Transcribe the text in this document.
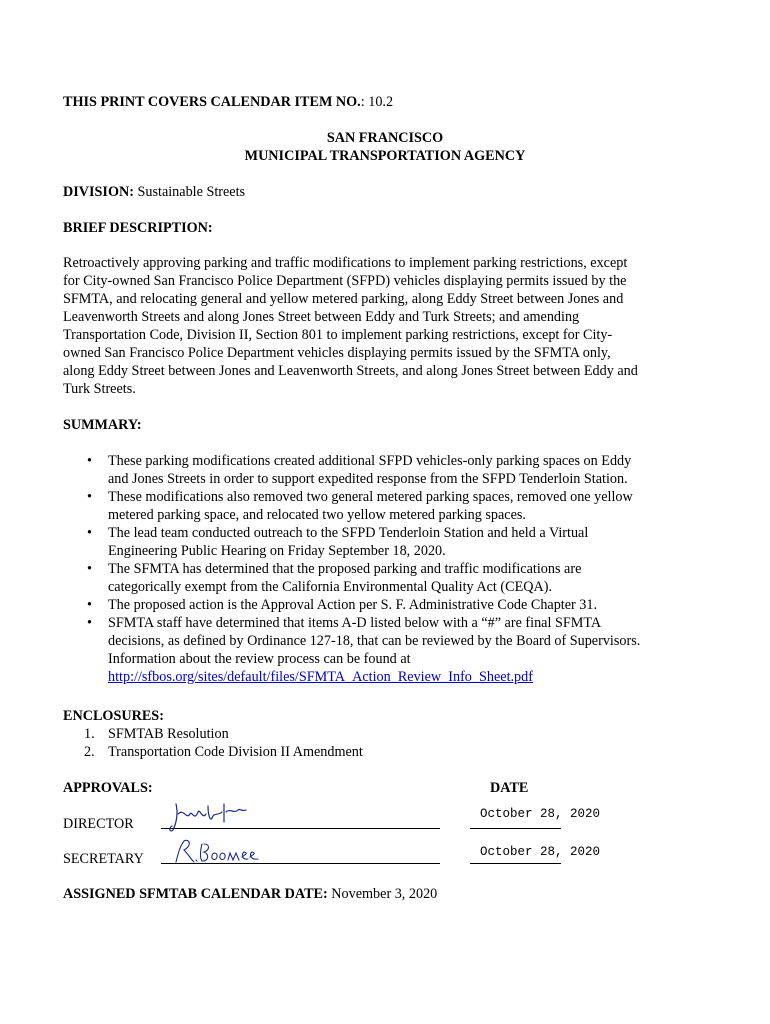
THIS PRINT COVERS CALENDAR ITEM NO.: 10.2
SAN FRANCISCO
MUNICIPAL TRANSPORTATION AGENCY
DIVISION: Sustainable Streets
BRIEF DESCRIPTION:

Retroactively approving parking and traffic modifications to implement parking restrictions, except

for City-owned San Francisco Police Department (SFPD) vehicles displaying permits issued by the

SFMTA, and relocating general and yellow metered parking, along Eddy Street between Jones and

Leavenworth Streets and along Jones Street between Eddy and Turk Streets; and amending

Transportation Code, Division II, Section 801 to implement parking restrictions, except for City-

owned San Francisco Police Department vehicles displaying permits issued by the SFMTA only,

along Eddy Street between Jones and Leavenworth Streets, and along Jones Street between Eddy and

Turk Streets.

SUMMARY:
• These parking modifications created additional SFPD vehicles-only parking spaces on Eddy
and Jones Streets in order to support expedited response from the SFPD Tenderloin Station.
• These modifications also removed two general metered parking spaces, removed one yellow
metered parking space, and relocated two yellow metered parking spaces.
• The lead team conducted outreach to the SFPD Tenderloin Station and held a Virtual
Engineering Public Hearing on Friday September 18, 2020.
• The SFMTA has determined that the proposed parking and traffic modifications are
categorically exempt from the California Environmental Quality Act (CEQA).
• The proposed action is the Approval Action per S. F. Administrative Code Chapter 31.
• SFMTA staff have determined that items A-D listed below with a “#” are final SFMTA
decisions, as defined by Ordinance 127-18, that can be reviewed by the Board of Supervisors.
Information about the review process can be found at
http://sfbos.org/sites/default/files/SFMTA_Action_Review_Info_Sheet.pdf
ENCLOSURES:
1. SFMTAB Resolution
2. Transportation Code Division II Amendment
APPROVALS:	DATE
DIRECTOR
October 28, 2020
SECRETARY	October 28, 2020
ASSIGNED SFMTAB CALENDAR DATE: November 3, 2020
